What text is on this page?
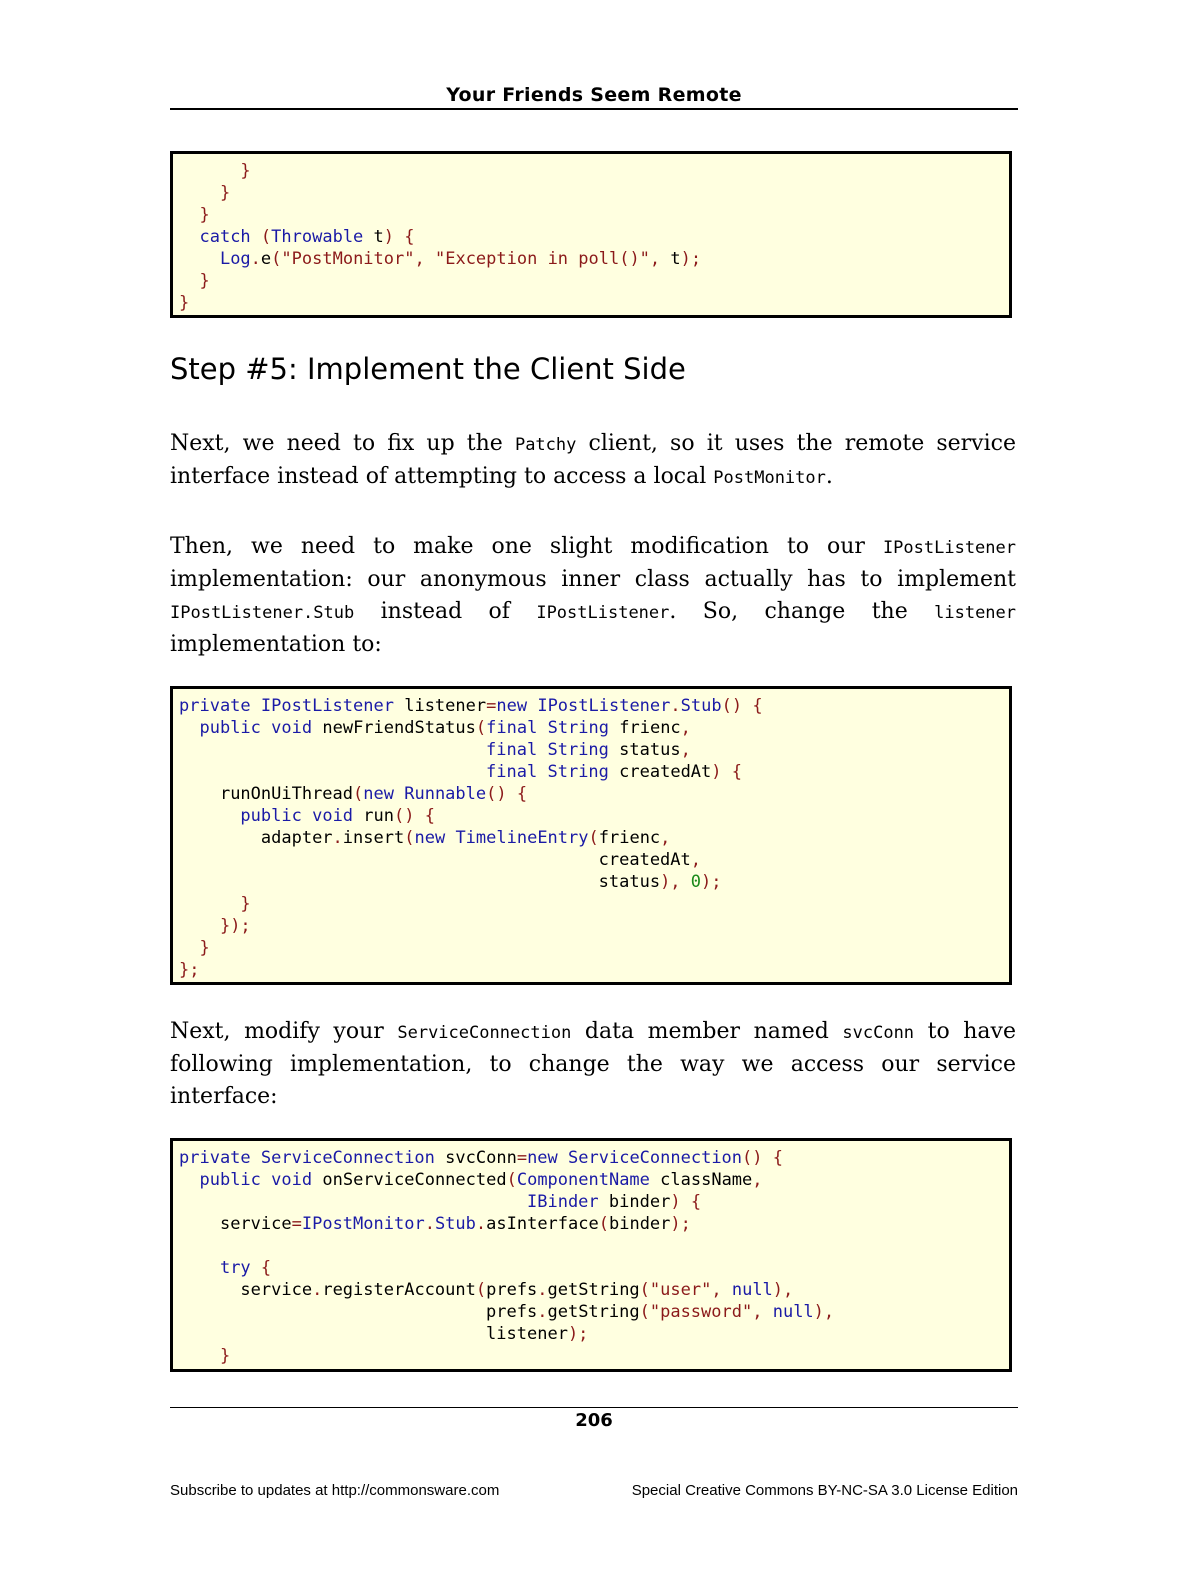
Your Friends Seem Remote
}
}
}
catch (Throwable t) {
Log.e("PostMonitor", "Exception in poll()", t);
}
}
Step #5: Implement the Client Side

Next, we need to fix up the Patchy client, so it uses the remote service interface instead of attempting to access a local PostMonitor.

Then, we need to make one slight modification to our IPostListener implementation: our anonymous inner class actually has to implement IPostListener.Stub instead of IPostListener. So, change the listener implementation to:

private IPostListener listener=new IPostListener.Stub() {
public void newFriendStatus(final String frienc,
final String status,
final String createdAt) {
runOnUiThread(new Runnable() {
public void run() {
adapter.insert(new TimelineEntry(frienc,
createdAt,
status), 0);
}
});
}
};

Next, modify your ServiceConnection data member named svcConn to have following implementation, to change the way we access our service interface:

private ServiceConnection svcConn=new ServiceConnection() {
public void onServiceConnected(ComponentName className,
IBinder binder) {
service=IPostMonitor.Stub.asInterface(binder);
try {
service.registerAccount(prefs.getString("user", null),
prefs.getString("password", null),
listener);
}
206
Subscribe to updates at http://commonsware.com	Special Creative Commons BY-NC-SA 3.0 License Edition
